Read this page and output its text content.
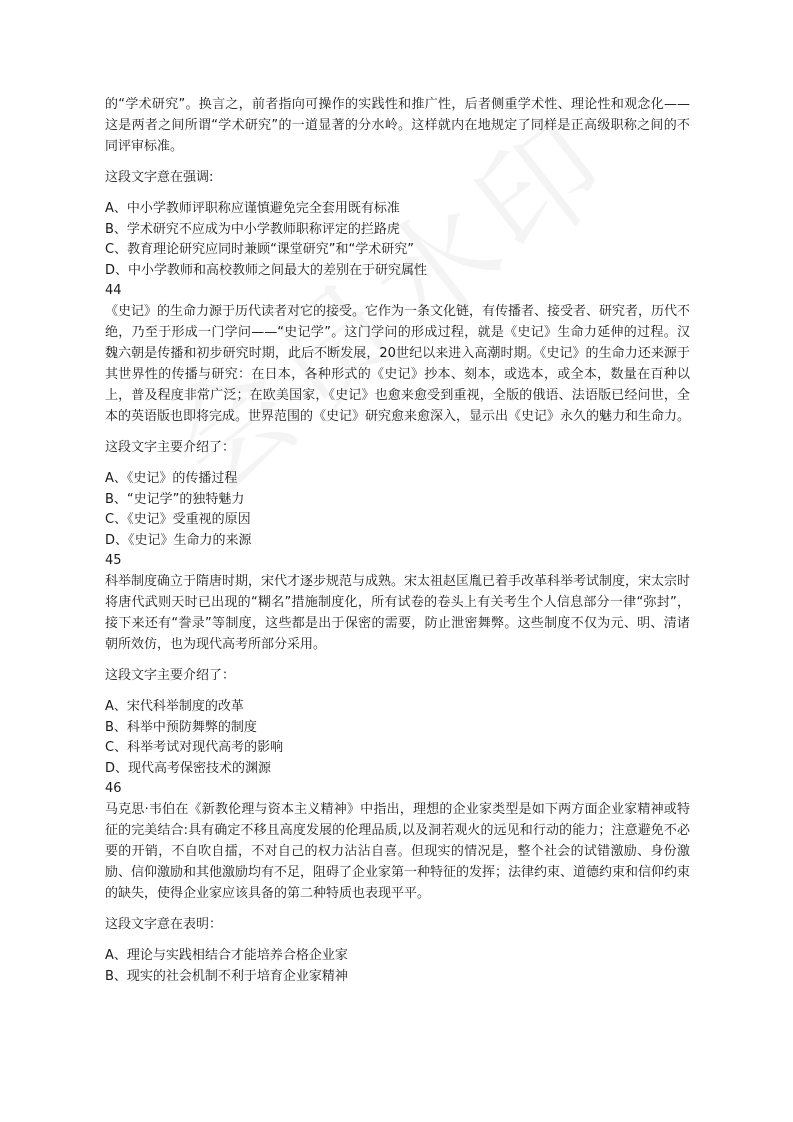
的“学术研究”。换言之，前者指向可操作的实践性和推广性，后者侧重学术性、理论性和观念化——这是两者之间所谓“学术研究”的一道显著的分水岭。这样就内在地规定了同样是正高级职称之间的不同评审标准。

这段文字意在强调:

A、中小学教师评职称应谨慎避免完全套用既有标准
B、学术研究不应成为中小学教师职称评定的拦路虎
C、教育理论研究应同时兼顾“课堂研究”和“学术研究”
D、中小学教师和高校教师之间最大的差别在于研究属性

44

《史记》的生命力源于历代读者对它的接受。它作为一条文化链，有传播者、接受者、研究者，历代不绝，乃至于形成一门学问——“史记学”。这门学问的形成过程，就是《史记》生命力延伸的过程。汉魏六朝是传播和初步研究时期，此后不断发展，20世纪以来进入高潮时期。《史记》的生命力还来源于其世界性的传播与研究：在日本，各种形式的《史记》抄本、刻本，或选本，或全本，数量在百种以上，普及程度非常广泛；在欧美国家，《史记》也愈来愈受到重视，全版的俄语、法语版已经问世，全本的英语版也即将完成。世界范围的《史记》研究愈来愈深入，显示出《史记》永久的魅力和生命力。

这段文字主要介绍了：

A、《史记》的传播过程
B、“史记学”的独特魅力
C、《史记》受重视的原因
D、《史记》生命力的来源

45

科举制度确立于隋唐时期，宋代才逐步规范与成熟。宋太祖赵匡胤已着手改革科举考试制度，宋太宗时将唐代武则天时已出现的“糊名”措施制度化，所有试卷的卷头上有关考生个人信息部分一律“弥封”，接下来还有“誊录”等制度，这些都是出于保密的需要，防止泄密舞弊。这些制度不仅为元、明、清诸朝所效仿，也为现代高考所部分采用。

这段文字主要介绍了：

A、宋代科举制度的改革
B、科举中预防舞弊的制度
C、科举考试对现代高考的影响
D、现代高考保密技术的渊源

46

马克思·韦伯在《新教伦理与资本主义精神》中指出，理想的企业家类型是如下两方面企业家精神或特征的完美结合:具有确定不移且高度发展的伦理品质,以及洞若观火的远见和行动的能力；注意避免不必要的开销，不自吹自擂，不对自己的权力沾沾自喜。但现实的情况是，整个社会的试错激励、身份激励、信仰激励和其他激励均有不足，阻碍了企业家第一种特征的发挥；法律约束、道德约束和信仰约束的缺失，使得企业家应该具备的第二种特质也表现平平。

这段文字意在表明：

A、理论与实践相结合才能培养合格企业家
B、现实的社会机制不利于培育企业家精神
